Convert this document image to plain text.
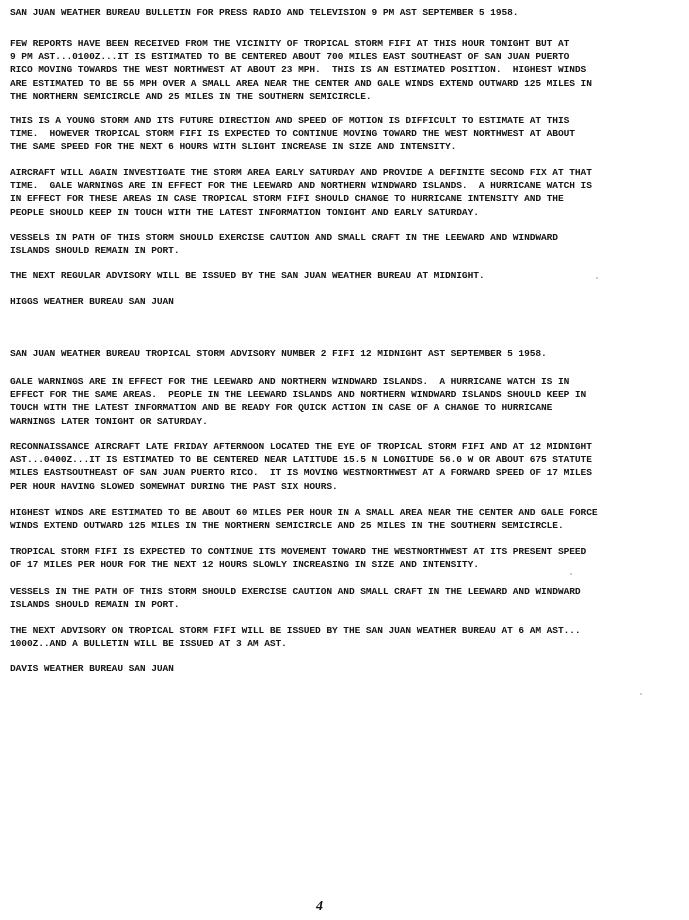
SAN JUAN WEATHER BUREAU BULLETIN FOR PRESS RADIO AND TELEVISION 9 PM AST SEPTEMBER 5 1958.
FEW REPORTS HAVE BEEN RECEIVED FROM THE VICINITY OF TROPICAL STORM FIFI AT THIS HOUR TONIGHT BUT AT
9 PM AST...0100Z...IT IS ESTIMATED TO BE CENTERED ABOUT 700 MILES EAST SOUTHEAST OF SAN JUAN PUERTO
RICO MOVING TOWARDS THE WEST NORTHWEST AT ABOUT 23 MPH.  THIS IS AN ESTIMATED POSITION.  HIGHEST WINDS
ARE ESTIMATED TO BE 55 MPH OVER A SMALL AREA NEAR THE CENTER AND GALE WINDS EXTEND OUTWARD 125 MILES IN
THE NORTHERN SEMICIRCLE AND 25 MILES IN THE SOUTHERN SEMICIRCLE.
THIS IS A YOUNG STORM AND ITS FUTURE DIRECTION AND SPEED OF MOTION IS DIFFICULT TO ESTIMATE AT THIS
TIME.  HOWEVER TROPICAL STORM FIFI IS EXPECTED TO CONTINUE MOVING TOWARD THE WEST NORTHWEST AT ABOUT
THE SAME SPEED FOR THE NEXT 6 HOURS WITH SLIGHT INCREASE IN SIZE AND INTENSITY.
AIRCRAFT WILL AGAIN INVESTIGATE THE STORM AREA EARLY SATURDAY AND PROVIDE A DEFINITE SECOND FIX AT THAT
TIME.  GALE WARNINGS ARE IN EFFECT FOR THE LEEWARD AND NORTHERN WINDWARD ISLANDS.  A HURRICANE WATCH IS
IN EFFECT FOR THESE AREAS IN CASE TROPICAL STORM FIFI SHOULD CHANGE TO HURRICANE INTENSITY AND THE
PEOPLE SHOULD KEEP IN TOUCH WITH THE LATEST INFORMATION TONIGHT AND EARLY SATURDAY.
VESSELS IN PATH OF THIS STORM SHOULD EXERCISE CAUTION AND SMALL CRAFT IN THE LEEWARD AND WINDWARD
ISLANDS SHOULD REMAIN IN PORT.
THE NEXT REGULAR ADVISORY WILL BE ISSUED BY THE SAN JUAN WEATHER BUREAU AT MIDNIGHT.
HIGGS WEATHER BUREAU SAN JUAN
SAN JUAN WEATHER BUREAU TROPICAL STORM ADVISORY NUMBER 2 FIFI 12 MIDNIGHT AST SEPTEMBER 5 1958.
GALE WARNINGS ARE IN EFFECT FOR THE LEEWARD AND NORTHERN WINDWARD ISLANDS.  A HURRICANE WATCH IS IN
EFFECT FOR THE SAME AREAS.  PEOPLE IN THE LEEWARD ISLANDS AND NORTHERN WINDWARD ISLANDS SHOULD KEEP IN
TOUCH WITH THE LATEST INFORMATION AND BE READY FOR QUICK ACTION IN CASE OF A CHANGE TO HURRICANE
WARNINGS LATER TONIGHT OR SATURDAY.
RECONNAISSANCE AIRCRAFT LATE FRIDAY AFTERNOON LOCATED THE EYE OF TROPICAL STORM FIFI AND AT 12 MIDNIGHT
AST...0400Z...IT IS ESTIMATED TO BE CENTERED NEAR LATITUDE 15.5 N LONGITUDE 56.0 W OR ABOUT 675 STATUTE
MILES EASTSOUTHEAST OF SAN JUAN PUERTO RICO.  IT IS MOVING WESTNORTHWEST AT A FORWARD SPEED OF 17 MILES
PER HOUR HAVING SLOWED SOMEWHAT DURING THE PAST SIX HOURS.
HIGHEST WINDS ARE ESTIMATED TO BE ABOUT 60 MILES PER HOUR IN A SMALL AREA NEAR THE CENTER AND GALE FORCE
WINDS EXTEND OUTWARD 125 MILES IN THE NORTHERN SEMICIRCLE AND 25 MILES IN THE SOUTHERN SEMICIRCLE.
TROPICAL STORM FIFI IS EXPECTED TO CONTINUE ITS MOVEMENT TOWARD THE WESTNORTHWEST AT ITS PRESENT SPEED
OF 17 MILES PER HOUR FOR THE NEXT 12 HOURS SLOWLY INCREASING IN SIZE AND INTENSITY.
VESSELS IN THE PATH OF THIS STORM SHOULD EXERCISE CAUTION AND SMALL CRAFT IN THE LEEWARD AND WINDWARD
ISLANDS SHOULD REMAIN IN PORT.
THE NEXT ADVISORY ON TROPICAL STORM FIFI WILL BE ISSUED BY THE SAN JUAN WEATHER BUREAU AT 6 AM AST...
1000Z..AND A BULLETIN WILL BE ISSUED AT 3 AM AST.
DAVIS WEATHER BUREAU SAN JUAN
4
